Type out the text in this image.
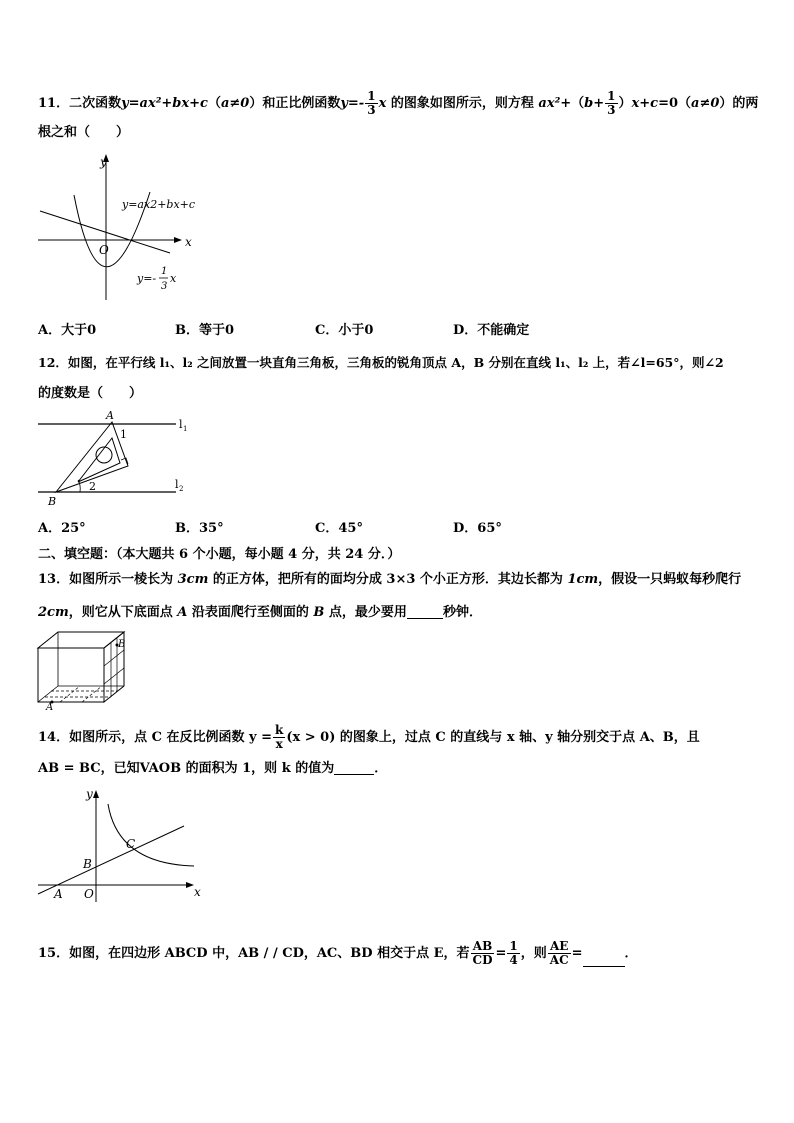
11．二次函数y=ax²+bx+c（a≠0）和正比例函数$y=- \frac{1}{3}$ x 的图象如图所示，则方程 $ax^2+(b+ \frac{1}{3} )x+c=0(a\ne 0)$的两
根之和（　　）
y
x
O
y=ax2+bx+c
y=-
1
3
x
A．大于0	B．等于0	C．小于0	D．不能确定
12．如图，在平行线 l₁、l₂ 之间放置一块直角三角板，三角板的锐角顶点 A，B 分别在直线 l₁、l₂ 上，若∠l=65°，则∠2
的度数是（　　）
A
B
1
2
l 1
l 2
A．25°	B．35°	C．45°	D．65°
二、填空题：（本大题共 6 个小题，每小题 4 分，共 24 分．）
13．如图所示一棱长为 3cm 的正方体，把所有的面均分成 3×3 个小正方形．其边长都为 1cm，假设一只蚂蚁每秒爬行
2cm，则它从下底面点 A 沿表面爬行至侧面的 B 点，最少要用	秒钟．
A
B
14．如图所示，点 C 在反比例函数 $y = \frac{k}{x} (x > 0)$ 的图象上，过点 C 的直线与 x 轴、y 轴分别交于点 A、B，且
AB = BC，已知VAOB 的面积为 1，则 k 的值为	．
y
x
O
A
B
C
15．如图，在四边形 ABCD 中，AB / / CD，AC、BD 相交于点 E，若 $\frac{AB}{CD} = \frac{1}{4}$ ，则 $\frac{AE}{AC}$ =	．
